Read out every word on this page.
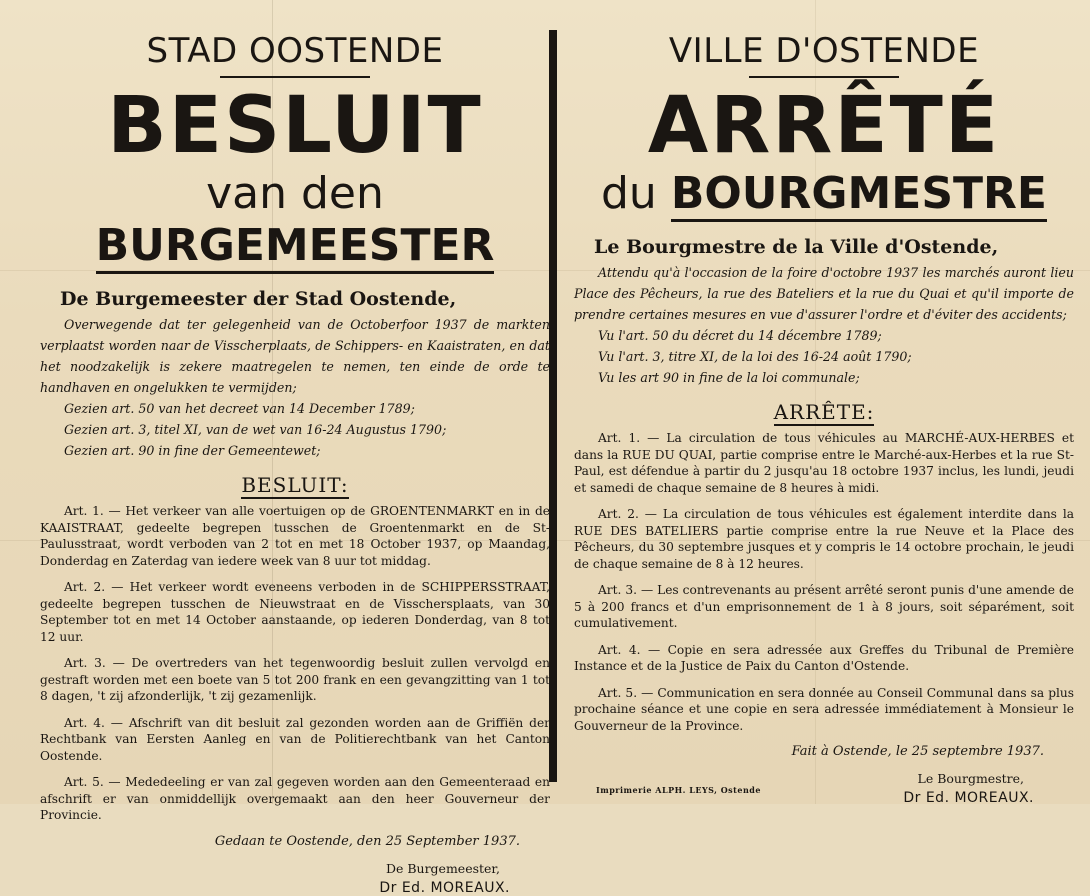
STAD OOSTENDE
BESLUIT
van den BURGEMEESTER
De Burgemeester der Stad Oostende,

Overwegende dat ter gelegenheid van de Octoberfoor 1937 de markten verplaatst worden naar de Visscherplaats, de Schippers- en Kaaistraten, en dat het noodzakelijk is zekere maatregelen te nemen, ten einde de orde te handhaven en ongelukken te vermijden;

Gezien art. 50 van het decreet van 14 December 1789;
Gezien art. 3, titel XI, van de wet van 16-24 Augustus 1790;
Gezien art. 90 in fine der Gemeentewet;
BESLUIT:

Art. 1. — Het verkeer van alle voertuigen op de GROENTENMARKT en in de KAAISTRAAT, gedeelte begrepen tusschen de Groentenmarkt en de St-Paulusstraat, wordt verboden van 2 tot en met 18 October 1937, op Maandag, Donderdag en Zaterdag van iedere week van 8 uur tot middag.

Art. 2. — Het verkeer wordt eveneens verboden in de SCHIPPERSSTRAAT, gedeelte begrepen tusschen de Nieuwstraat en de Visschersplaats, van 30 September tot en met 14 October aanstaande, op iederen Donderdag, van 8 tot 12 uur.

Art. 3. — De overtreders van het tegenwoordig besluit zullen vervolgd en gestraft worden met een boete van 5 tot 200 frank en een gevangzitting van 1 tot 8 dagen, 't zij afzonderlijk, 't zij gezamenlijk.

Art. 4. — Afschrift van dit besluit zal gezonden worden aan de Griffiën der Rechtbank van Eersten Aanleg en van de Politierechtbank van het Canton Oostende.

Art. 5. — Mededeeling er van zal gegeven worden aan den Gemeenteraad en afschrift er van onmiddellijk overgemaakt aan den heer Gouverneur der Provincie.

Gedaan te Oostende, den 25 September 1937.
De Burgemeester,
Dr Ed. MOREAUX.
VILLE D'OSTENDE
ARRÊTÉ
du BOURGMESTRE
Le Bourgmestre de la Ville d'Ostende,

Attendu qu'à l'occasion de la foire d'octobre 1937 les marchés auront lieu Place des Pêcheurs, la rue des Bateliers et la rue du Quai et qu'il importe de prendre certaines mesures en vue d'assurer l'ordre et d'éviter des accidents;

Vu l'art. 50 du décret du 14 décembre 1789;
Vu l'art. 3, titre XI, de la loi des 16-24 août 1790;
Vu les art 90 in fine de la loi communale;
ARRÊTE:

Art. 1. — La circulation de tous véhicules au MARCHÉ-AUX-HERBES et dans la RUE DU QUAI, partie comprise entre le Marché-aux-Herbes et la rue St-Paul, est défendue à partir du 2 jusqu'au 18 octobre 1937 inclus, les lundi, jeudi et samedi de chaque semaine de 8 heures à midi.

Art. 2. — La circulation de tous véhicules est également interdite dans la RUE DES BATELIERS partie comprise entre la rue Neuve et la Place des Pêcheurs, du 30 septembre jusques et y compris le 14 octobre prochain, le jeudi de chaque semaine de 8 à 12 heures.

Art. 3. — Les contrevenants au présent arrêté seront punis d'une amende de 5 à 200 francs et d'un emprisonnement de 1 à 8 jours, soit séparément, soit cumulativement.

Art. 4. — Copie en sera adressée aux Greffes du Tribunal de Première Instance et de la Justice de Paix du Canton d'Ostende.

Art. 5. — Communication en sera donnée au Conseil Communal dans sa plus prochaine séance et une copie en sera adressée immédiatement à Monsieur le Gouverneur de la Province.

Fait à Ostende, le 25 septembre 1937.
Le Bourgmestre,
Dr Ed. MOREAUX.
Imprimerie ALPH. LEYS, Ostende
